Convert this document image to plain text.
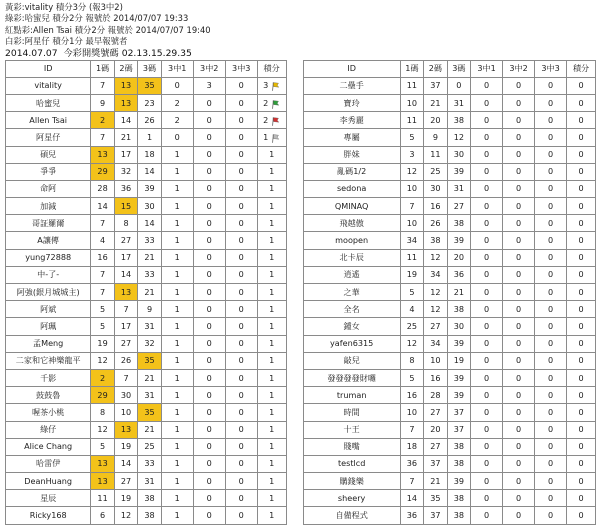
黃彩:vitality 積分3分 (報3中2)
綠彩:哈蜜兒 積分2分 報號於 2014/07/07 19:33
紅點彩:Allen Tsai 積分2分 報號於 2014/07/07 19:40
白彩:阿星仔 積分1分 最早報號者
2014.07.07 今彩開獎號碼 02.13.15.29.35
ID	1碼	2碼	3碼	3中1	3中2	3中3	積分		ID	1碼	2碼	3碼	3中1	3中2	3中3	積分
vitality	7	13	35	0	3	0	3		二壘手	11	37	0	0	0	0	0
哈蜜兒	9	13	23	2	0	0	2		寶玲	10	21	31	0	0	0	0
Allen Tsai	2	14	26	2	0	0	2		李秀麗	11	20	38	0	0	0	0
阿星仔	7	21	1	0	0	0	1		專屬	5	9	12	0	0	0	0
碩兒	13	17	18	1	0	0	1		胖妹	3	11	30	0	0	0	0
爭爭	29	32	14	1	0	0	1		亂碼1/2	12	25	39	0	0	0	0
命阿	28	36	39	1	0	0	1		sedona	10	30	31	0	0	0	0
加減	14	15	30	1	0	0	1		QMINAQ	7	16	27	0	0	0	0
哥証羅爾	7	8	14	1	0	0	1		飛越傲	10	26	38	0	0	0	0
A讓傳	4	27	33	1	0	0	1		moopen	34	38	39	0	0	0	0
yung72888	16	17	21	1	0	0	1		北卡辰	11	12	20	0	0	0	0
中-了-	7	14	33	1	0	0	1		逍遙	19	34	36	0	0	0	0
阿強(銀月城城主)	7	13	21	1	0	0	1		之華	5	12	21	0	0	0	0
阿斌	5	7	9	1	0	0	1		全名	4	12	38	0	0	0	0
阿珮	5	17	31	1	0	0	1		鍾女	25	27	30	0	0	0	0
孟Meng	19	27	32	1	0	0	1		yafen6315	12	34	39	0	0	0	0
二家和它神樂龍平	12	26	35	1	0	0	1		敲兒	8	10	19	0	0	0	0
千影	2	7	21	1	0	0	1		發發發發財囉	5	16	39	0	0	0	0
鼓鼓魯	29	30	31	1	0	0	1		truman	16	28	39	0	0	0	0
喔茶小桃	8	10	35	1	0	0	1		時間	10	27	37	0	0	0	0
綠仔	12	13	21	1	0	0	1		十王	7	20	37	0	0	0	0
Alice Chang	5	19	25	1	0	0	1		賤嘴	18	27	38	0	0	0	0
哈雷伊	13	14	33	1	0	0	1		testlcd	36	37	38	0	0	0	0
DeanHuang	13	27	31	1	0	0	1		購錢樂	7	21	39	0	0	0	0
星辰	11	19	38	1	0	0	1		sheery	14	35	38	0	0	0	0
Ricky168	6	12	38	1	0	0	1		自備程式	36	37	38	0	0	0	0
